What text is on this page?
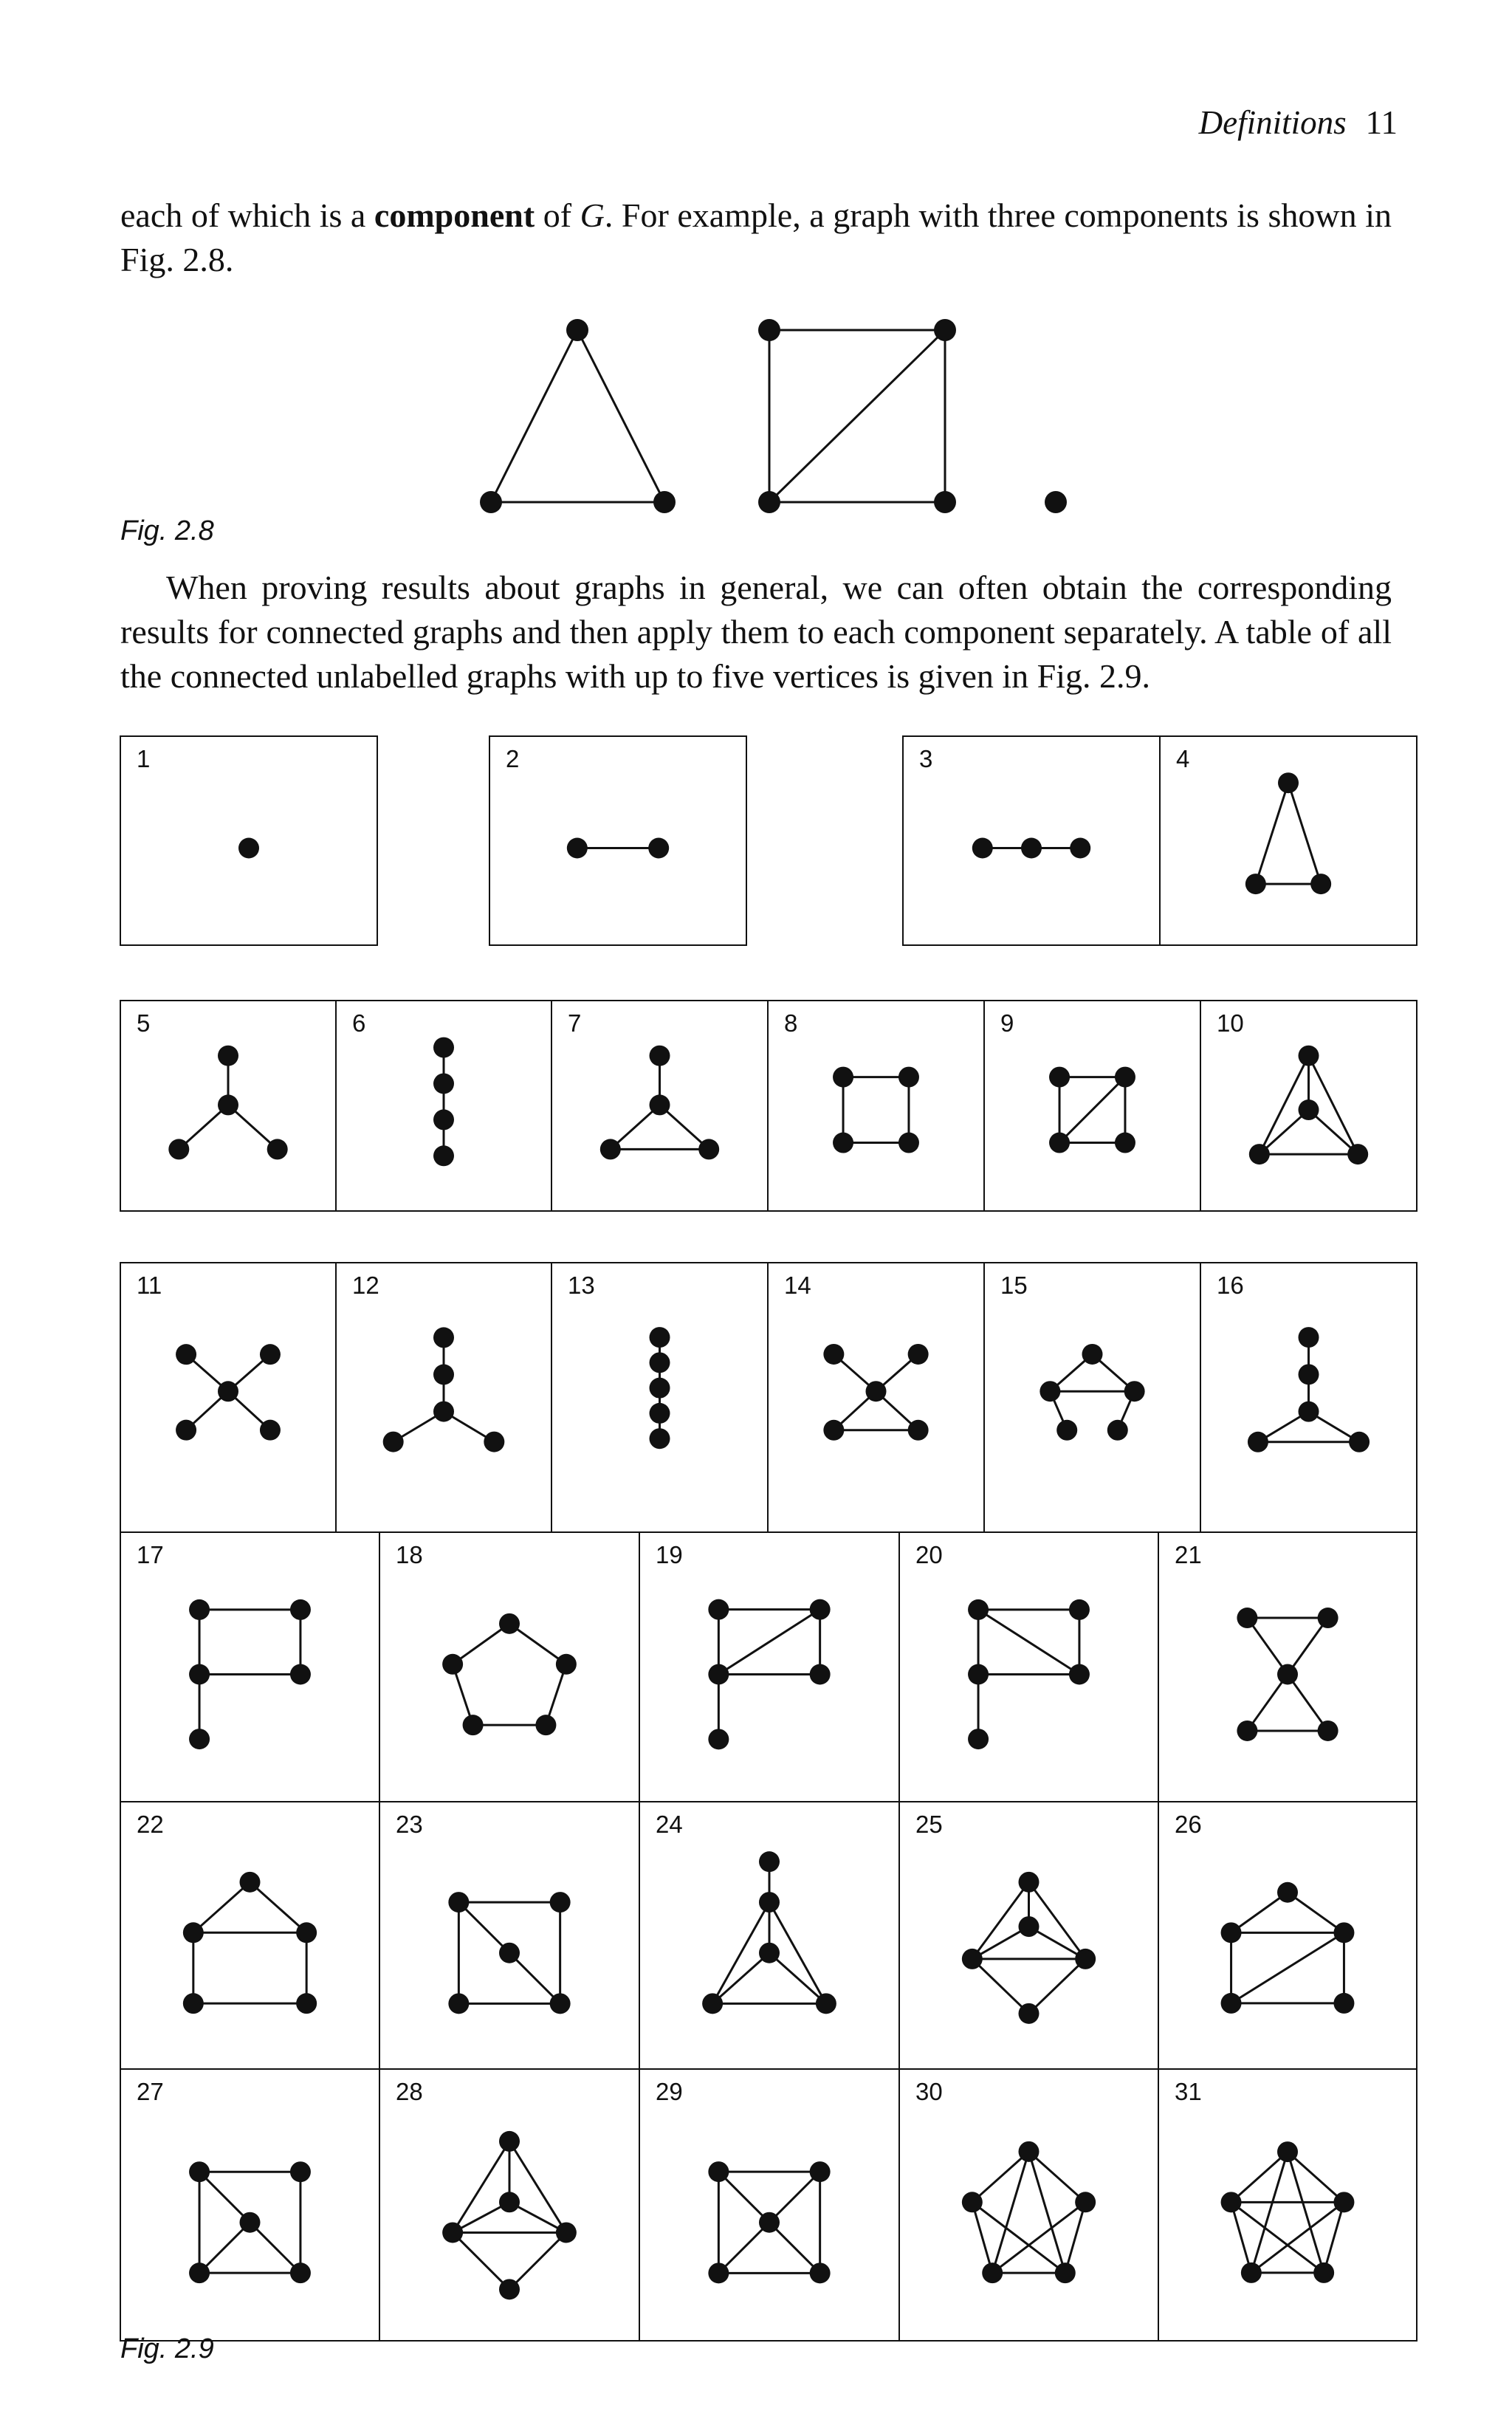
Definitions 11

each of which is a component of G. For example, a graph with three components is shown in Fig. 2.8.

Fig. 2.8

When proving results about graphs in general, we can often obtain the corresponding results for connected graphs and then apply them to each component separately. A table of all the connected unlabelled graphs with up to five vertices is given in Fig. 2.9.

Fig. 2.9
1	2	3	4
5	6	7	8	9	10
11	12	13	14	15	16
17	18	19	20	21
22	23	24	25	26
27	28	29	30	31
